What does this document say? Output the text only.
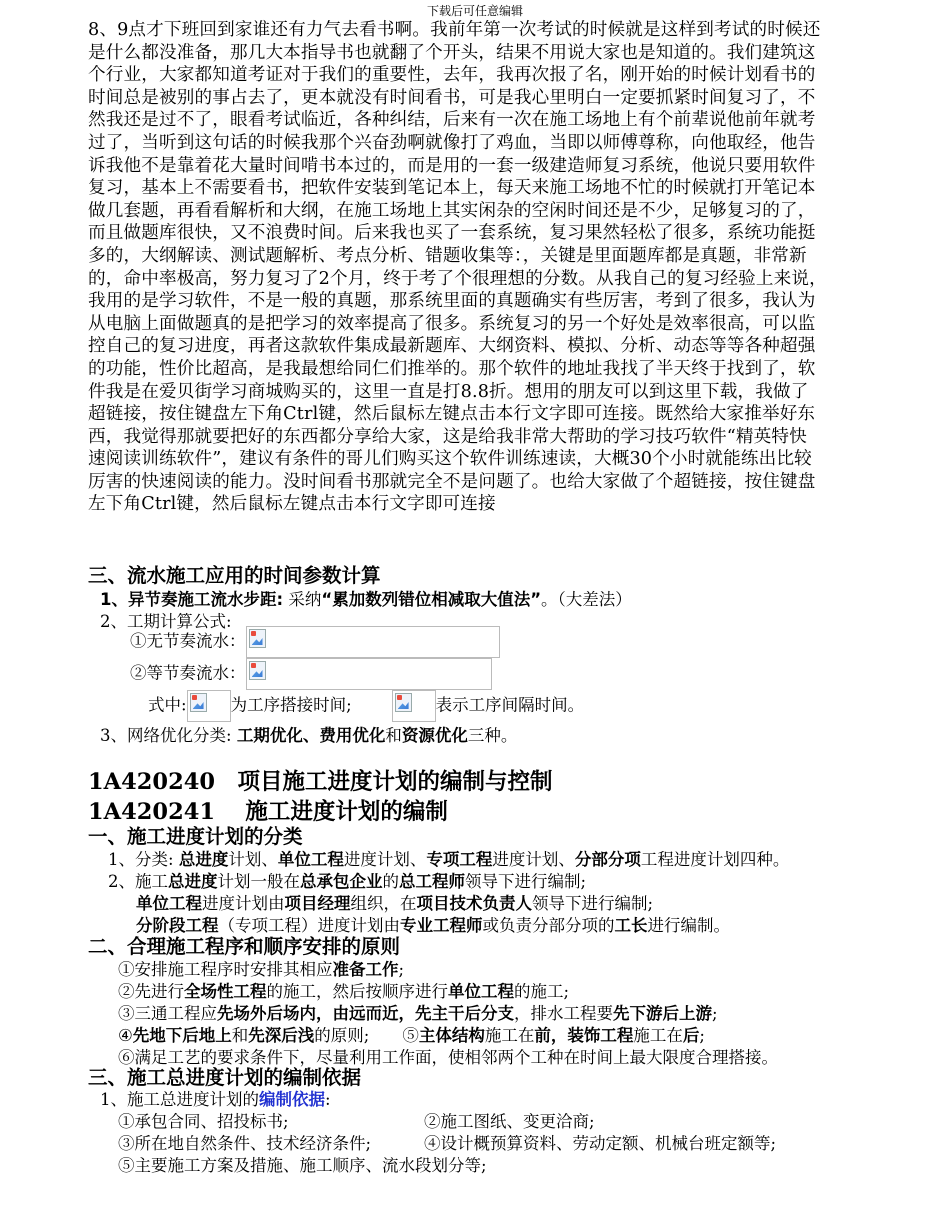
下载后可任意编辑
8、9点才下班回到家谁还有力气去看书啊。我前年第一次考试的时候就是这样到考试的时候还
是什么都没准备，那几大本指导书也就翻了个开头，结果不用说大家也是知道的。我们建筑这
个行业，大家都知道考证对于我们的重要性，去年，我再次报了名，刚开始的时候计划看书的
时间总是被别的事占去了，更本就没有时间看书，可是我心里明白一定要抓紧时间复习了，不
然我还是过不了，眼看考试临近，各种纠结，后来有一次在施工场地上有个前辈说他前年就考
过了，当听到这句话的时候我那个兴奋劲啊就像打了鸡血，当即以师傅尊称，向他取经，他告
诉我他不是靠着花大量时间啃书本过的，而是用的一套一级建造师复习系统，他说只要用软件
复习，基本上不需要看书，把软件安装到笔记本上，每天来施工场地不忙的时候就打开笔记本
做几套题，再看看解析和大纲，在施工场地上其实闲杂的空闲时间还是不少，足够复习的了，
而且做题库很快，又不浪费时间。后来我也买了一套系统，复习果然轻松了很多，系统功能挺
多的，大纲解读、测试题解析、考点分析、错题收集等：，关键是里面题库都是真题，非常新
的，命中率极高，努力复习了2个月，终于考了个很理想的分数。从我自己的复习经验上来说，
我用的是学习软件，不是一般的真题，那系统里面的真题确实有些厉害，考到了很多，我认为
从电脑上面做题真的是把学习的效率提高了很多。系统复习的另一个好处是效率很高，可以监
控自己的复习进度，再者这款软件集成最新题库、大纲资料、模拟、分析、动态等等各种超强
的功能，性价比超高，是我最想给同仁们推举的。那个软件的地址我找了半天终于找到了，软
件我是在爱贝街学习商城购买的，这里一直是打8.8折。想用的朋友可以到这里下载，我做了
超链接，按住键盘左下角Ctrl键，然后鼠标左键点击本行文字即可连接。既然给大家推举好东
西，我觉得那就要把好的东西都分享给大家，这是给我非常大帮助的学习技巧软件“精英特快
速阅读训练软件”，建议有条件的哥儿们购买这个软件训练速读，大概30个小时就能练出比较
厉害的快速阅读的能力。没时间看书那就完全不是问题了。也给大家做了个超链接，按住键盘
左下角Ctrl键，然后鼠标左键点击本行文字即可连接
三、流水施工应用的时间参数计算
1、异节奏施工流水步距: 采纳“累加数列错位相减取大值法”。（大差法）
2、工期计算公式:
①无节奏流水：
②等节奏流水：
式中:	为工序搭接时间;	表示工序间隔时间。
3、网络优化分类: 工期优化、费用优化和资源优化三种。
1A420240　项目施工进度计划的编制与控制
1A420241　 施工进度计划的编制
一、施工进度计划的分类
1、分类: 总进度计划、单位工程进度计划、专项工程进度计划、分部分项工程进度计划四种。
2、施工总进度计划一般在总承包企业的总工程师领导下进行编制;
单位工程进度计划由项目经理组织，在项目技术负责人领导下进行编制;
分阶段工程（专项工程）进度计划由专业工程师或负责分部分项的工长进行编制。
二、合理施工程序和顺序安排的原则
①安排施工程序时安排其相应准备工作;
②先进行全场性工程的施工，然后按顺序进行单位工程的施工;
③三通工程应先场外后场内，由远而近，先主干后分支，排水工程要先下游后上游;
④先地下后地上和先深后浅的原则;　　⑤主体结构施工在前，装饰工程施工在后;
⑥满足工艺的要求条件下，尽量利用工作面，使相邻两个工种在时间上最大限度合理搭接。
三、施工总进度计划的编制依据
1、施工总进度计划的编制依据:
①承包合同、招投标书;	②施工图纸、变更洽商;
③所在地自然条件、技术经济条件;	④设计概预算资料、劳动定额、机械台班定额等;
⑤主要施工方案及措施、施工顺序、流水段划分等;
